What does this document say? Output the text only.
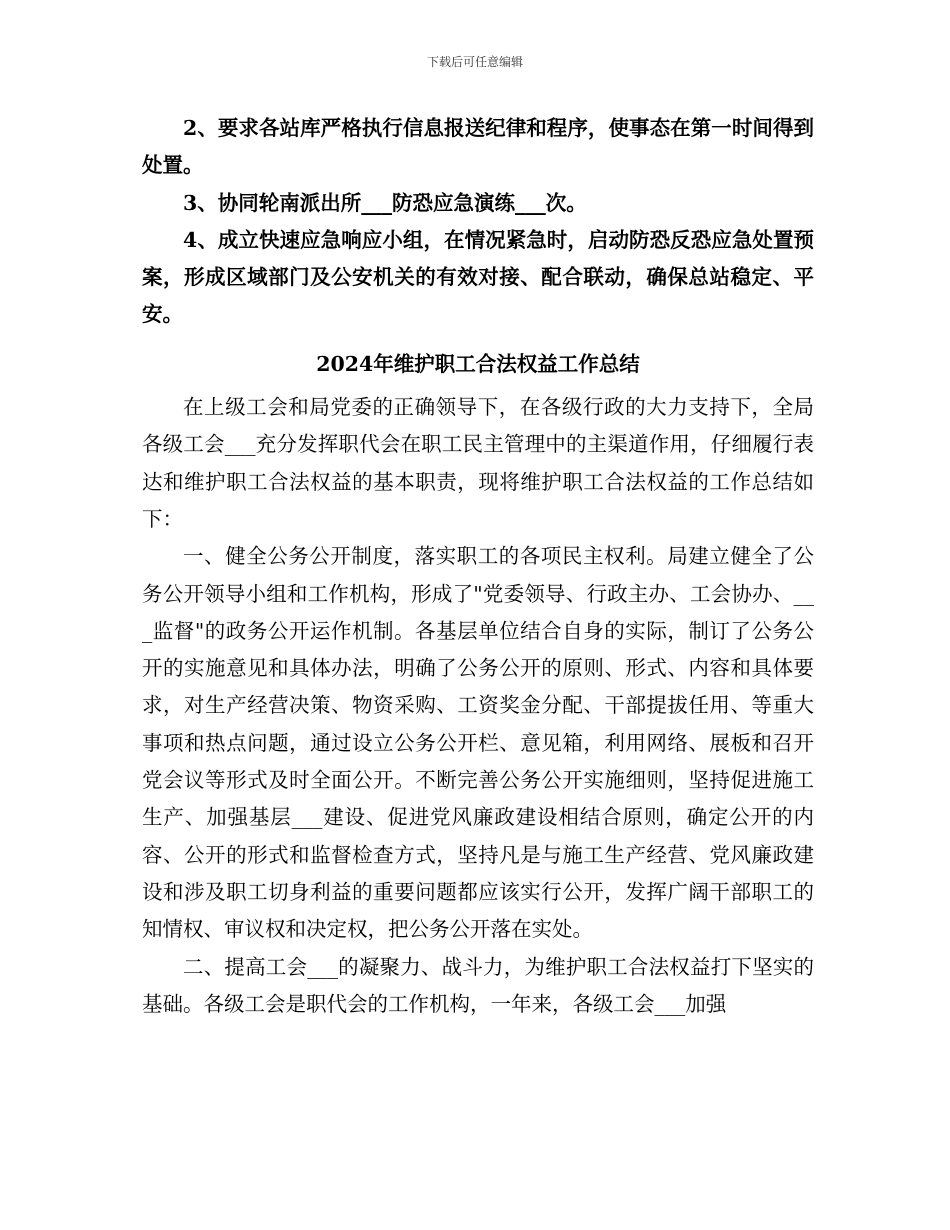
下载后可任意编辑

2、要求各站库严格执行信息报送纪律和程序，使事态在第一时间得到处置。

3、协同轮南派出所___防恐应急演练___次。

4、成立快速应急响应小组，在情况紧急时，启动防恐反恐应急处置预案，形成区域部门及公安机关的有效对接、配合联动，确保总站稳定、平安。

2024年维护职工合法权益工作总结

在上级工会和局党委的正确领导下，在各级行政的大力支持下，全局各级工会___充分发挥职代会在职工民主管理中的主渠道作用，仔细履行表达和维护职工合法权益的基本职责，现将维护职工合法权益的工作总结如下：

一、健全公务公开制度，落实职工的各项民主权利。局建立健全了公务公开领导小组和工作机构，形成了"党委领导、行政主办、工会协办、___监督"的政务公开运作机制。各基层单位结合自身的实际，制订了公务公开的实施意见和具体办法，明确了公务公开的原则、形式、内容和具体要求，对生产经营决策、物资采购、工资奖金分配、干部提拔任用、等重大事项和热点问题，通过设立公务公开栏、意见箱，利用网络、展板和召开党会议等形式及时全面公开。不断完善公务公开实施细则，坚持促进施工生产、加强基层___建设、促进党风廉政建设相结合原则，确定公开的内容、公开的形式和监督检查方式，坚持凡是与施工生产经营、党风廉政建设和涉及职工切身利益的重要问题都应该实行公开，发挥广阔干部职工的知情权、审议权和决定权，把公务公开落在实处。

二、提高工会___的凝聚力、战斗力，为维护职工合法权益打下坚实的基础。各级工会是职代会的工作机构，一年来，各级工会___加强
